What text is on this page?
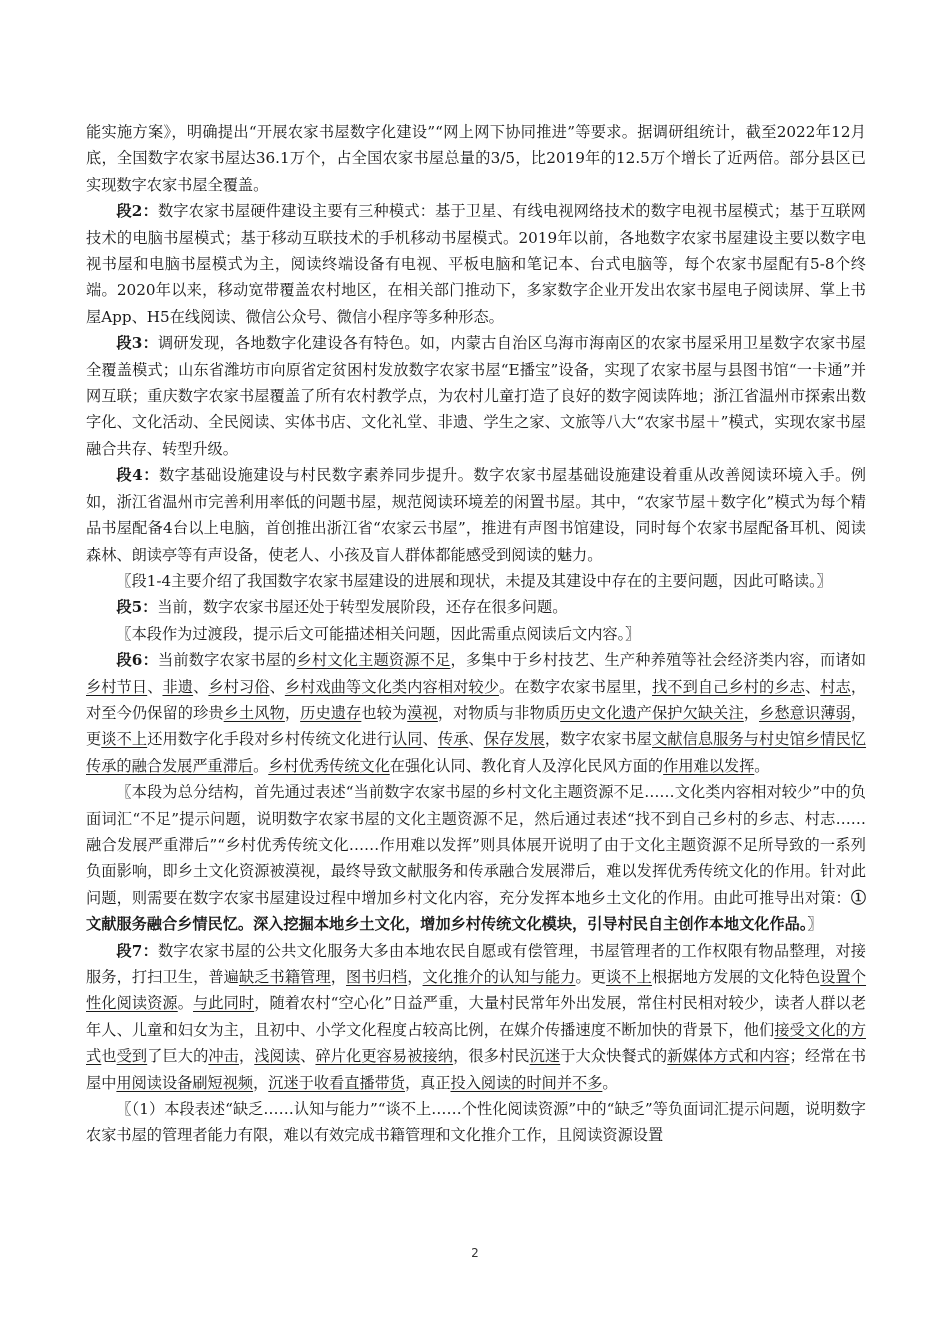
能实施方案》，明确提出“开展农家书屋数字化建设”“网上网下协同推进”等要求。据调研组统计，截至2022年12月底，全国数字农家书屋达36.1万个，占全国农家书屋总量的3/5，比2019年的12.5万个增长了近两倍。部分县区已实现数字农家书屋全覆盖。

段2：数字农家书屋硬件建设主要有三种模式：基于卫星、有线电视网络技术的数字电视书屋模式；基于互联网技术的电脑书屋模式；基于移动互联技术的手机移动书屋模式。2019年以前，各地数字农家书屋建设主要以数字电视书屋和电脑书屋模式为主，阅读终端设备有电视、平板电脑和笔记本、台式电脑等，每个农家书屋配有5-8个终端。2020年以来，移动宽带覆盖农村地区，在相关部门推动下，多家数字企业开发出农家书屋电子阅读屏、掌上书屋App、H5在线阅读、微信公众号、微信小程序等多种形态。

段3：调研发现，各地数字化建设各有特色。如，内蒙古自治区乌海市海南区的农家书屋采用卫星数字农家书屋全覆盖模式；山东省潍坊市向原省定贫困村发放数字农家书屋“E播宝”设备，实现了农家书屋与县图书馆“一卡通”并网互联；重庆数字农家书屋覆盖了所有农村教学点，为农村儿童打造了良好的数字阅读阵地；浙江省温州市探索出数字化、文化活动、全民阅读、实体书店、文化礼堂、非遗、学生之家、文旅等八大“农家书屋＋”模式，实现农家书屋融合共存、转型升级。

段4：数字基础设施建设与村民数字素养同步提升。数字农家书屋基础设施建设着重从改善阅读环境入手。例如，浙江省温州市完善利用率低的问题书屋，规范阅读环境差的闲置书屋。其中，“农家节屋＋数字化”模式为每个精品书屋配备4台以上电脑，首创推出浙江省“农家云书屋”，推进有声图书馆建设，同时每个农家书屋配备耳机、阅读森林、朗读亭等有声设备，使老人、小孩及盲人群体都能感受到阅读的魅力。

〖段1-4主要介绍了我国数字农家书屋建设的进展和现状，未提及其建设中存在的主要问题，因此可略读。〗

段5：当前，数字农家书屋还处于转型发展阶段，还存在很多问题。

〖本段作为过渡段，提示后文可能描述相关问题，因此需重点阅读后文内容。〗

段6：当前数字农家书屋的乡村文化主题资源不足，多集中于乡村技艺、生产种养殖等社会经济类内容，而诸如乡村节日、非遗、乡村习俗、乡村戏曲等文化类内容相对较少。在数字农家书屋里，找不到自己乡村的乡志、村志，对至今仍保留的珍贵乡土风物，历史遗存也较为漠视，对物质与非物质历史文化遗产保护欠缺关注，乡愁意识薄弱，更谈不上还用数字化手段对乡村传统文化进行认同、传承、保存发展，数字农家书屋文献信息服务与村史馆乡情民忆传承的融合发展严重滞后。乡村优秀传统文化在强化认同、教化育人及淳化民风方面的作用难以发挥。

〖本段为总分结构，首先通过表述“当前数字农家书屋的乡村文化主题资源不足……文化类内容相对较少”中的负面词汇“不足”提示问题，说明数字农家书屋的文化主题资源不足，然后通过表述“找不到自己乡村的乡志、村志……融合发展严重滞后”“乡村优秀传统文化……作用难以发挥”则具体展开说明了由于文化主题资源不足所导致的一系列负面影响，即乡土文化资源被漠视，最终导致文献服务和传承融合发展滞后，难以发挥优秀传统文化的作用。针对此问题，则需要在数字农家书屋建设过程中增加乡村文化内容，充分发挥本地乡土文化的作用。由此可推导出对策：①文献服务融合乡情民忆。深入挖掘本地乡土文化，增加乡村传统文化模块，引导村民自主创作本地文化作品。〗

段7：数字农家书屋的公共文化服务大多由本地农民自愿或有偿管理，书屋管理者的工作权限有物品整理，对接服务，打扫卫生，普遍缺乏书籍管理，图书归档，文化推介的认知与能力。更谈不上根据地方发展的文化特色设置个性化阅读资源。与此同时，随着农村“空心化”日益严重，大量村民常年外出发展，常住村民相对较少，读者人群以老年人、儿童和妇女为主，且初中、小学文化程度占较高比例，在媒介传播速度不断加快的背景下，他们接受文化的方式也受到了巨大的冲击，浅阅读、碎片化更容易被接纳，很多村民沉迷于大众快餐式的新媒体方式和内容；经常在书屋中用阅读设备刷短视频，沉迷于收看直播带货，真正投入阅读的时间并不多。

〖（1）本段表述“缺乏……认知与能力”“谈不上……个性化阅读资源”中的“缺乏”等负面词汇提示问题，说明数字农家书屋的管理者能力有限，难以有效完成书籍管理和文化推介工作，且阅读资源设置

2
